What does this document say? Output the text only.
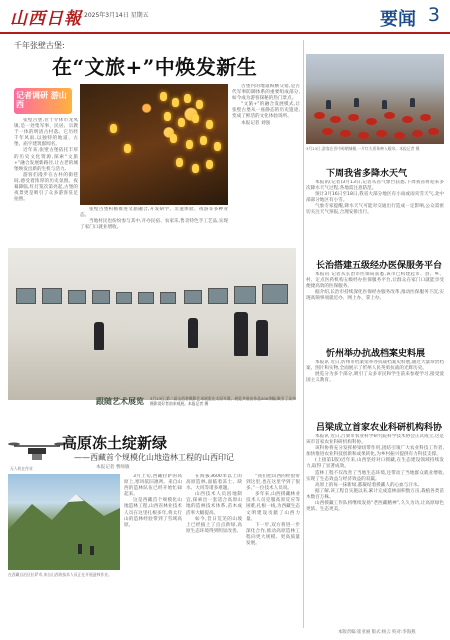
山西日報 2025年3月14日 星期五	要闻 3
千年张壁古堡:
在“文旅+”中焕发新生
记者调研 游山西

张壁古堡,位于介休市龙凤镇,是一处集军事、民居、宗教于一体的明清古村落。它历经千年风雨,以独特的地道、古堡、庙宇建筑群闻名。

近年来,张壁古堡依托丰厚的历史文化资源,探索“文旅+”融合发展新路径,让古老的城堡焕发出新的生机与活力。

游客们漫步在古朴的街巷间,感受着浓厚的历史氛围。夜幕降临,红灯笼次第亮起,古堡的夜景更是吸引了众多游客驻足拍照。

张壁古堡积极推进文旅融合,开发研学、非遗体验、夜游等多种业态。

当地村民也纷纷参与其中,开办民宿、农家乐,售卖特色手工艺品,实现了家门口就业增收。

古堡内的地道纵横交错,是古代军事防御体系的重要组成部分,如今成为游客探秘的热门景点。

“文旅+”的融合发展模式,让张壁古堡从一座静态的历史遗迹,变成了鲜活的文化体验场所。

本报记者 刘强

3月13日,游客在晋中晾晒辣椒,一片红火景象映入眼帘。本报记者 摄
下周我省多降水天气

本报讯(记者)3月13日,记者从省气象台获悉,下周我省将迎来多次降水天气过程,各地需注意防范。

预计3月16日至18日,我省大部分地区有小雨或雨夹雪天气,北中部部分地区有小雪。

气象专家提醒,降水天气可能对交通出行造成一定影响,公众需密切关注天气预报,合理安排出行。

长治搭建五级经办医保服务平台

本报讯 记者从长治市医保局获悉,该市已构建起市、县、乡、村、定点医药机构五级经办医保服务平台,让群众在家门口就能享受便捷高效的医保服务。

据介绍,长治市持续深化医保经办服务改革,推动医保服务下沉,实现高频事项就近办、网上办、掌上办。

忻州举办抗战档案史料展

本报讯 近日,忻州市档案馆举办抗战档案史料展,通过大量珍贵档案、图片和实物,全面展示了忻州人民英勇抗战的光辉历史。

展览分为多个部分,吸引了众多市民和学生前来参观学习,接受爱国主义教育。

吕梁成立首家农业科研机构科协

本报讯 近日,吕梁市农业科学研究院科学技术协会正式成立,这是该市首家农业科研机构科协。

该科协将充分发挥桥梁纽带作用,团结引领广大农业科技工作者,加快推进农业科技创新和成果转化,为乡村振兴提供有力科技支撑。

(上接第1版)近年来,山西坚持对口援藏,在生态建设领域持续发力,取得了显著成效。

造林工程不仅改善了当地生态环境,还带动了当地群众就业增收,实现了生态效益与经济效益的双赢。

高原上的每一抹新绿,都凝结着援藏人的心血与汗水。

据了解,该工程自实施以来,累计完成造林面积数万亩,栽植各类苗木数百万株。

山西援藏工作队将继续发扬“老西藏精神”,久久为功,让高原绿色更浓、生态更美。

跟随艺术展览 3月13日,第二届山西省摄影艺术展览在太原开幕。展览共展出作品200余幅,吸引了众多摄影爱好者前来观展。本报记者 摄
无人机在作业
高原冻土绽新绿
——西藏首个规模化山地造林工程的山西印记
本报记者 曹师敏
在西藏自治区拉萨市,来自山西的技术人员正在开展造林作业。

3月上旬,西藏拉萨的高原上,寒风依旧凛冽。来自山西的造林队伍已经开始忙碌起来。

这是西藏首个规模化山地造林工程,山西省林业技术人员在这里扎根多年,将太行山的造林经验带到了雪域高原。

在海拔3600米以上的高原造林,面临着冻土、缺水、大风等诸多难题。

山西技术人员因地制宜,探索出一套适合高原山地的造林技术体系,苗木成活率大幅提高。

如今,昔日荒芜的山坡上已经披上了点点新绿,高原生态环境得到明显改善。

“我们把山西的经验带到这里,也在这里学到了很多。”一位技术人员说。

多年来,山西援藏林业技术人员克服高原反应等困难,扎根一线,为西藏生态文明建设贡献了山西力量。

下一步,双方将进一步深化合作,推动高原造林工程向更大规模、更高质量发展。

本版责编:崔亚丽 版式:杨云 校对:李海燕
